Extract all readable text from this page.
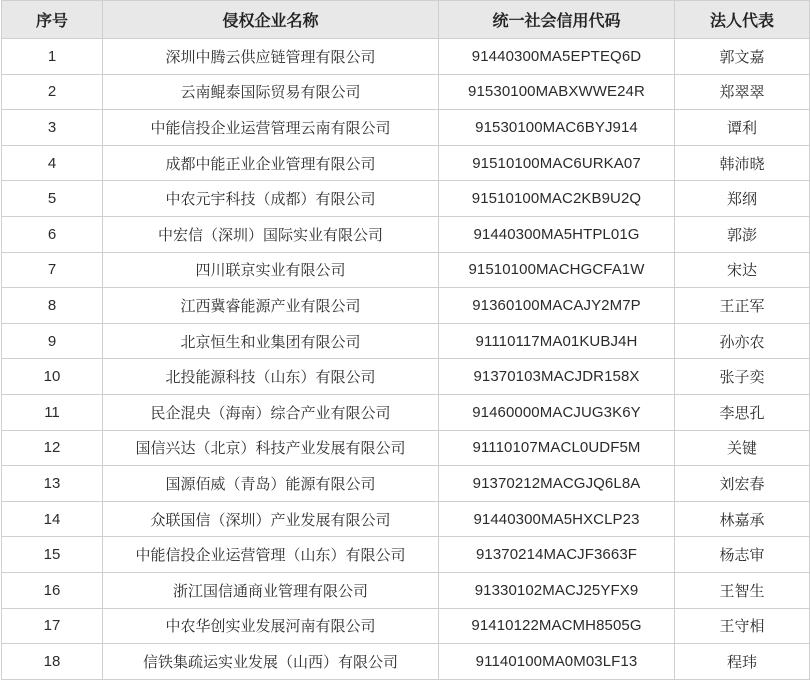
序号	侵权企业名称	统一社会信用代码	法人代表
1	深圳中腾云供应链管理有限公司	91440300MA5EPTEQ6D	郭文嘉
2	云南鲲泰国际贸易有限公司	91530100MABXWWE24R	郑翠翠
3	中能信投企业运营管理云南有限公司	91530100MAC6BYJ914	谭利
4	成都中能正业企业管理有限公司	91510100MAC6URKA07	韩沛晓
5	中农元宇科技（成都）有限公司	91510100MAC2KB9U2Q	郑纲
6	中宏信（深圳）国际实业有限公司	91440300MA5HTPL01G	郭澎
7	四川联京实业有限公司	91510100MACHGCFA1W	宋达
8	江西冀睿能源产业有限公司	91360100MACAJY2M7P	王正军
9	北京恒生和业集团有限公司	91110117MA01KUBJ4H	孙亦农
10	北投能源科技（山东）有限公司	91370103MACJDR158X	张子奕
11	民企混央（海南）综合产业有限公司	91460000MACJUG3K6Y	李思孔
12	国信兴达（北京）科技产业发展有限公司	91110107MACL0UDF5M	关键
13	国源佰威（青岛）能源有限公司	91370212MACGJQ6L8A	刘宏春
14	众联国信（深圳）产业发展有限公司	91440300MA5HXCLP23	林嘉承
15	中能信投企业运营管理（山东）有限公司	91370214MACJF3663F	杨志审
16	浙江国信通商业管理有限公司	91330102MACJ25YFX9	王智生
17	中农华创实业发展河南有限公司	91410122MACMH8505G	王守相
18	信铁集疏运实业发展（山西）有限公司	91140100MA0M03LF13	程玮
